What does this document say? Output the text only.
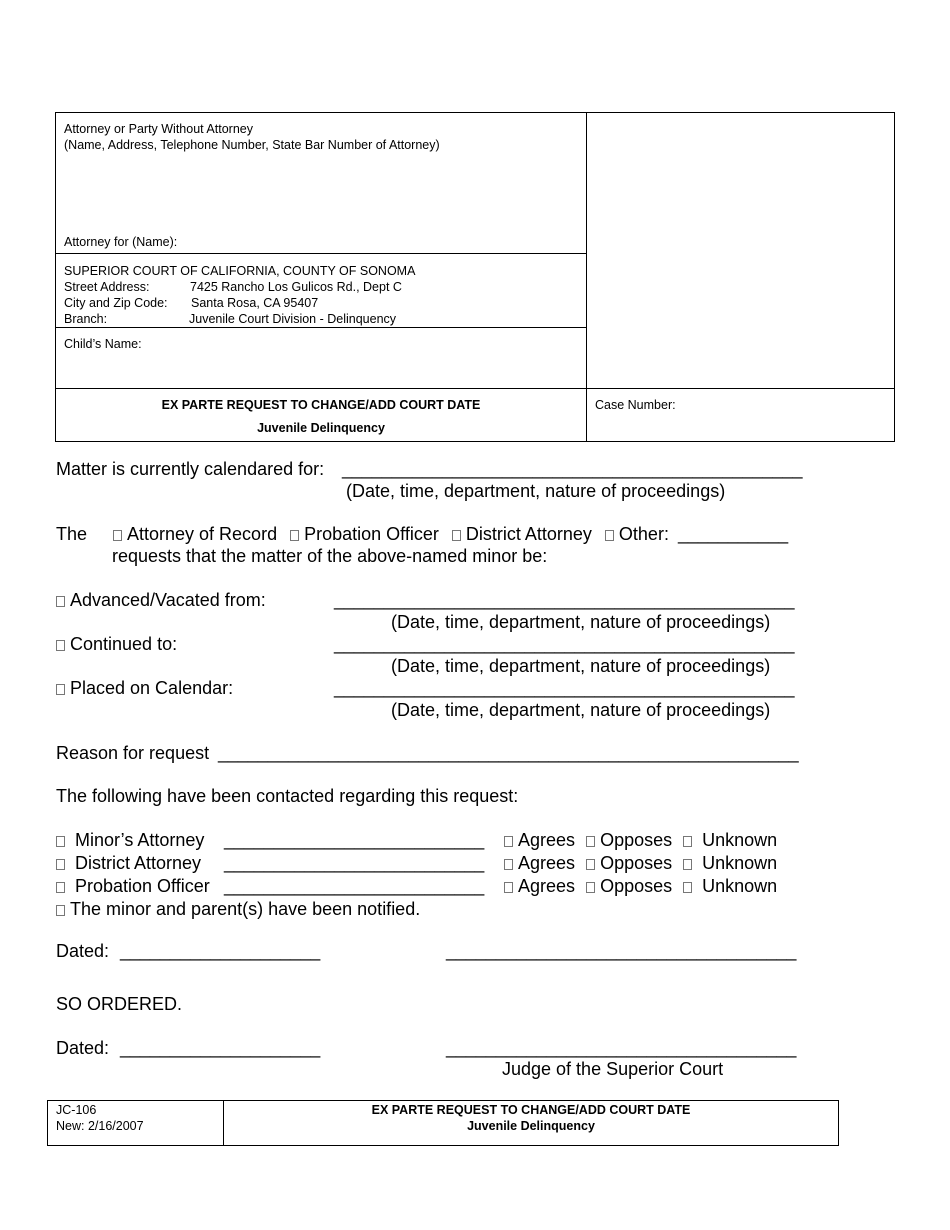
Attorney or Party Without Attorney
(Name, Address, Telephone Number, State Bar Number of Attorney)
Attorney for (Name):
SUPERIOR COURT OF CALIFORNIA, COUNTY OF SONOMA
Street Address:	7425 Rancho Los Gulicos Rd., Dept C
City and Zip Code: Santa Rosa, CA 95407
Branch:	Juvenile Court Division - Delinquency
Child’s Name:
EX PARTE REQUEST TO CHANGE/ADD COURT DATE
Juvenile Delinquency
Case Number:
Matter is currently calendared for: ______________________________________________
(Date, time, department, nature of proceedings)
The	Attorney of Record Probation Officer District Attorney Other: ___________
requests that the matter of the above-named minor be:
Advanced/Vacated from:	______________________________________________
(Date, time, department, nature of proceedings)
Continued to:	______________________________________________
(Date, time, department, nature of proceedings)
Placed on Calendar:	______________________________________________
(Date, time, department, nature of proceedings)
Reason for request __________________________________________________________
The following have been contacted regarding this request:
Minor’s Attorney __________________________	Agrees Opposes Unknown
District Attorney __________________________	Agrees Opposes Unknown
Probation Officer __________________________	Agrees Opposes Unknown
The minor and parent(s) have been notified.
Dated: ____________________	___________________________________
SO ORDERED.
Dated: ____________________	___________________________________
Judge of the Superior Court
JC-106
New: 2/16/2007
EX PARTE REQUEST TO CHANGE/ADD COURT DATE
Juvenile Delinquency
